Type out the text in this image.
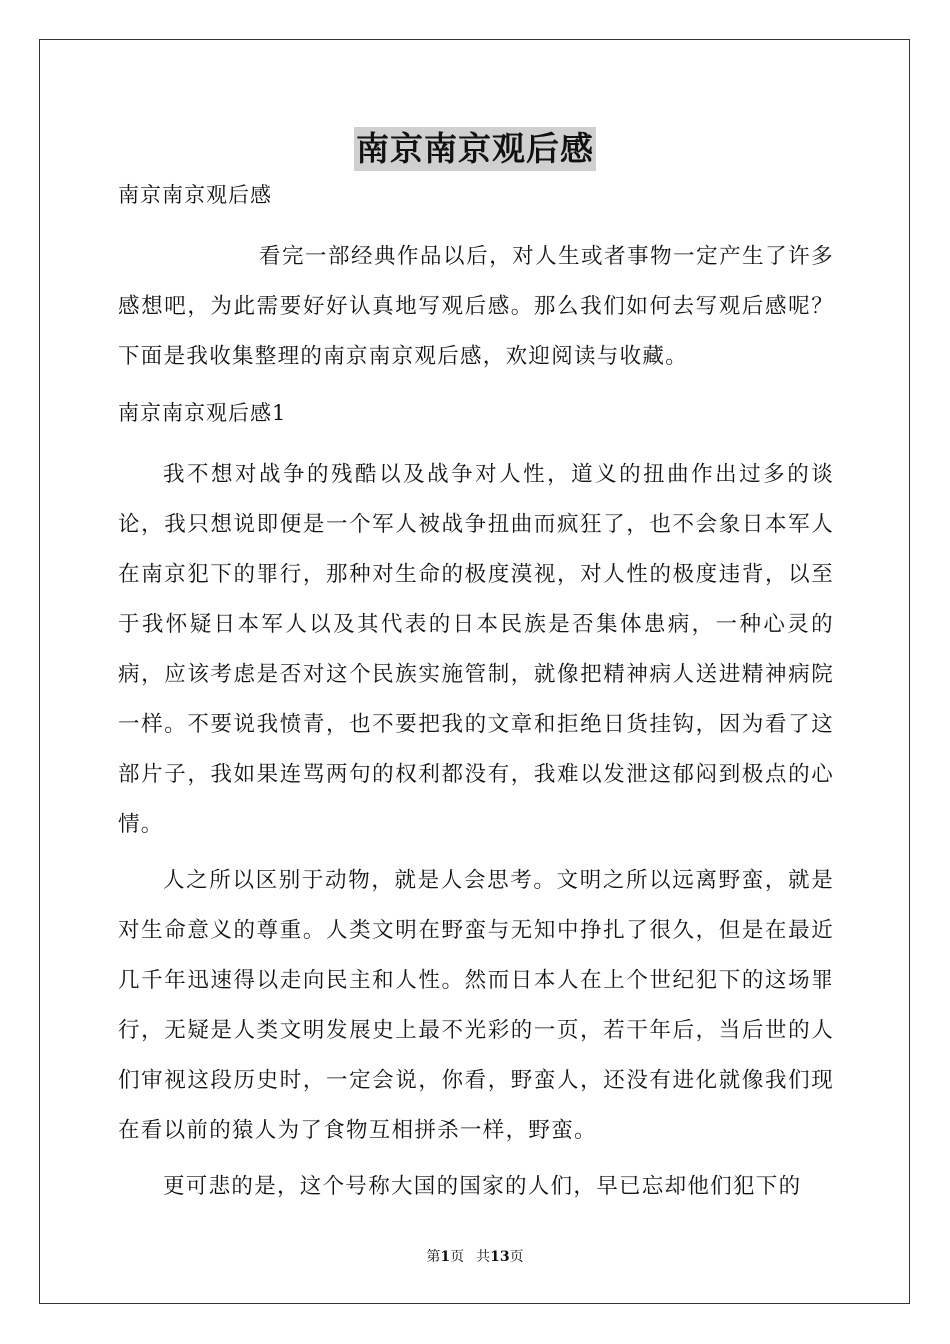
南京南京观后感

南京南京观后感

看完一部经典作品以后，对人生或者事物一定产生了许多感想吧，为此需要好好认真地写观后感。那么我们如何去写观后感呢？下面是我收集整理的南京南京观后感，欢迎阅读与收藏。

南京南京观后感1

我不想对战争的残酷以及战争对人性，道义的扭曲作出过多的谈论，我只想说即便是一个军人被战争扭曲而疯狂了，也不会象日本军人在南京犯下的罪行，那种对生命的极度漠视，对人性的极度违背，以至于我怀疑日本军人以及其代表的日本民族是否集体患病，一种心灵的病，应该考虑是否对这个民族实施管制，就像把精神病人送进精神病院一样。不要说我愤青，也不要把我的文章和拒绝日货挂钩，因为看了这部片子，我如果连骂两句的权利都没有，我难以发泄这郁闷到极点的心情。

人之所以区别于动物，就是人会思考。文明之所以远离野蛮，就是对生命意义的尊重。人类文明在野蛮与无知中挣扎了很久，但是在最近几千年迅速得以走向民主和人性。然而日本人在上个世纪犯下的这场罪行，无疑是人类文明发展史上最不光彩的一页，若干年后，当后世的人们审视这段历史时，一定会说，你看，野蛮人，还没有进化就像我们现在看以前的猿人为了食物互相拼杀一样，野蛮。

更可悲的是，这个号称大国的国家的人们，早已忘却他们犯下的

第1页 共13页
